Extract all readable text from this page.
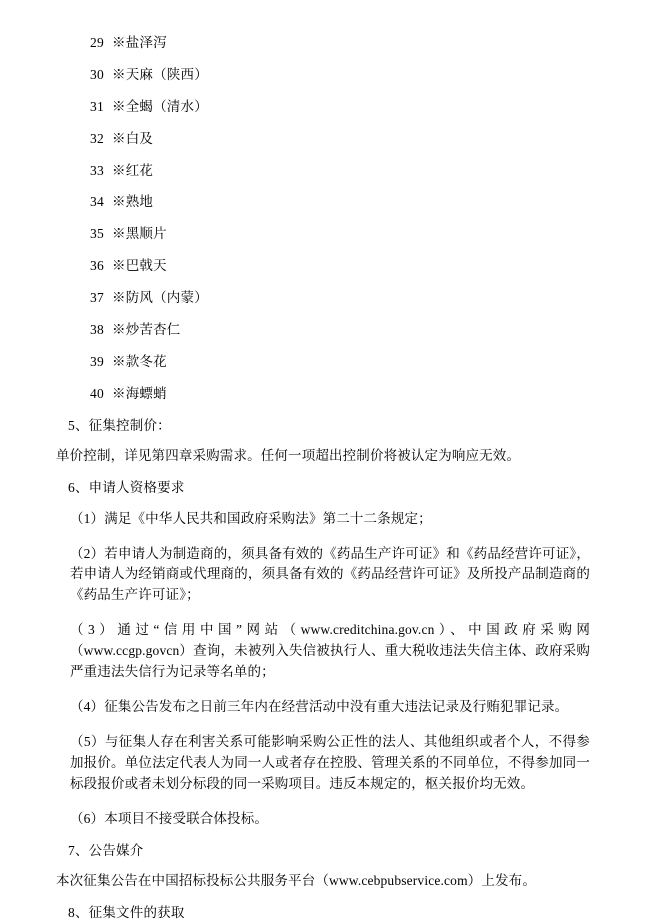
29 ※盐泽泻
30 ※天麻（陕西）
31 ※全蝎（清水）
32 ※白及
33 ※红花
34 ※熟地
35 ※黑顺片
36 ※巴戟天
37 ※防风（内蒙）
38 ※炒苦杏仁
39 ※款冬花
40 ※海螵蛸
5、征集控制价：
单价控制，详见第四章采购需求。任何一项超出控制价将被认定为响应无效。
6、申请人资格要求
（1）满足《中华人民共和国政府采购法》第二十二条规定；
（2）若申请人为制造商的，须具备有效的《药品生产许可证》和《药品经营许可证》，若申请人为经销商或代理商的，须具备有效的《药品经营许可证》及所投产品制造商的《药品生产许可证》；
（3）通过“信用中国”网站（www.creditchina.gov.cn）、中国政府采购网（www.ccgp.govcn）查询，未被列入失信被执行人、重大税收违法失信主体、政府采购严重违法失信行为记录等名单的；
（4）征集公告发布之日前三年内在经营活动中没有重大违法记录及行贿犯罪记录。
（5）与征集人存在利害关系可能影响采购公正性的法人、其他组织或者个人，不得参加报价。单位法定代表人为同一人或者存在控股、管理关系的不同单位，不得参加同一标段报价或者未划分标段的同一采购项目。违反本规定的，枢关报价均无效。
（6）本项目不接受联合体投标。
7、公告媒介
本次征集公告在中国招标投标公共服务平台（www.cebpubservice.com）上发布。
8、征集文件的获取
